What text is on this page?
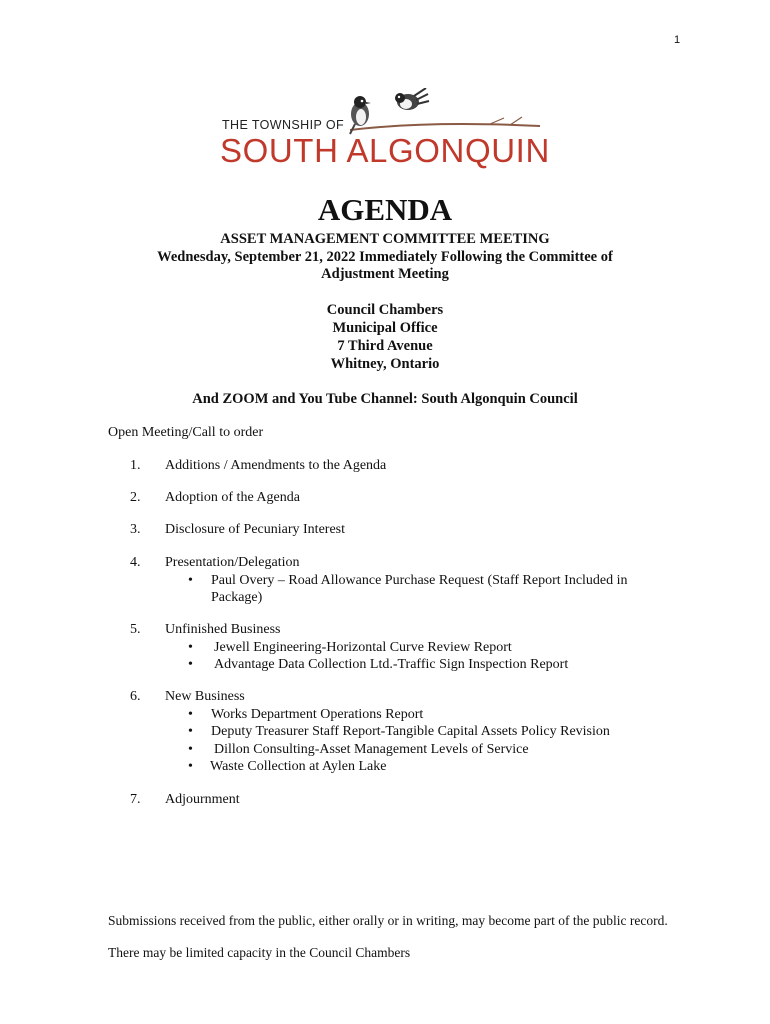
1
THE TOWNSHIP OF
SOUTH ALGONQUIN
AGENDA
ASSET MANAGEMENT COMMITTEE MEETING
Wednesday, September 21, 2022 Immediately Following the Committee of
Adjustment Meeting
Council Chambers
Municipal Office
7 Third Avenue
Whitney, Ontario
And ZOOM and You Tube Channel: South Algonquin Council
Open Meeting/Call to order
1. Additions / Amendments to the Agenda
2. Adoption of the Agenda
3. Disclosure of Pecuniary Interest
4. Presentation/Delegation
• Paul Overy – Road Allowance Purchase Request (Staff Report Included in
Package)
5. Unfinished Business
• Jewell Engineering-Horizontal Curve Review Report
• Advantage Data Collection Ltd.-Traffic Sign Inspection Report
6. New Business
• Works Department Operations Report
• Deputy Treasurer Staff Report-Tangible Capital Assets Policy Revision
• Dillon Consulting-Asset Management Levels of Service
• Waste Collection at Aylen Lake
7. Adjournment
Submissions received from the public, either orally or in writing, may become part of the public record.
There may be limited capacity in the Council Chambers
